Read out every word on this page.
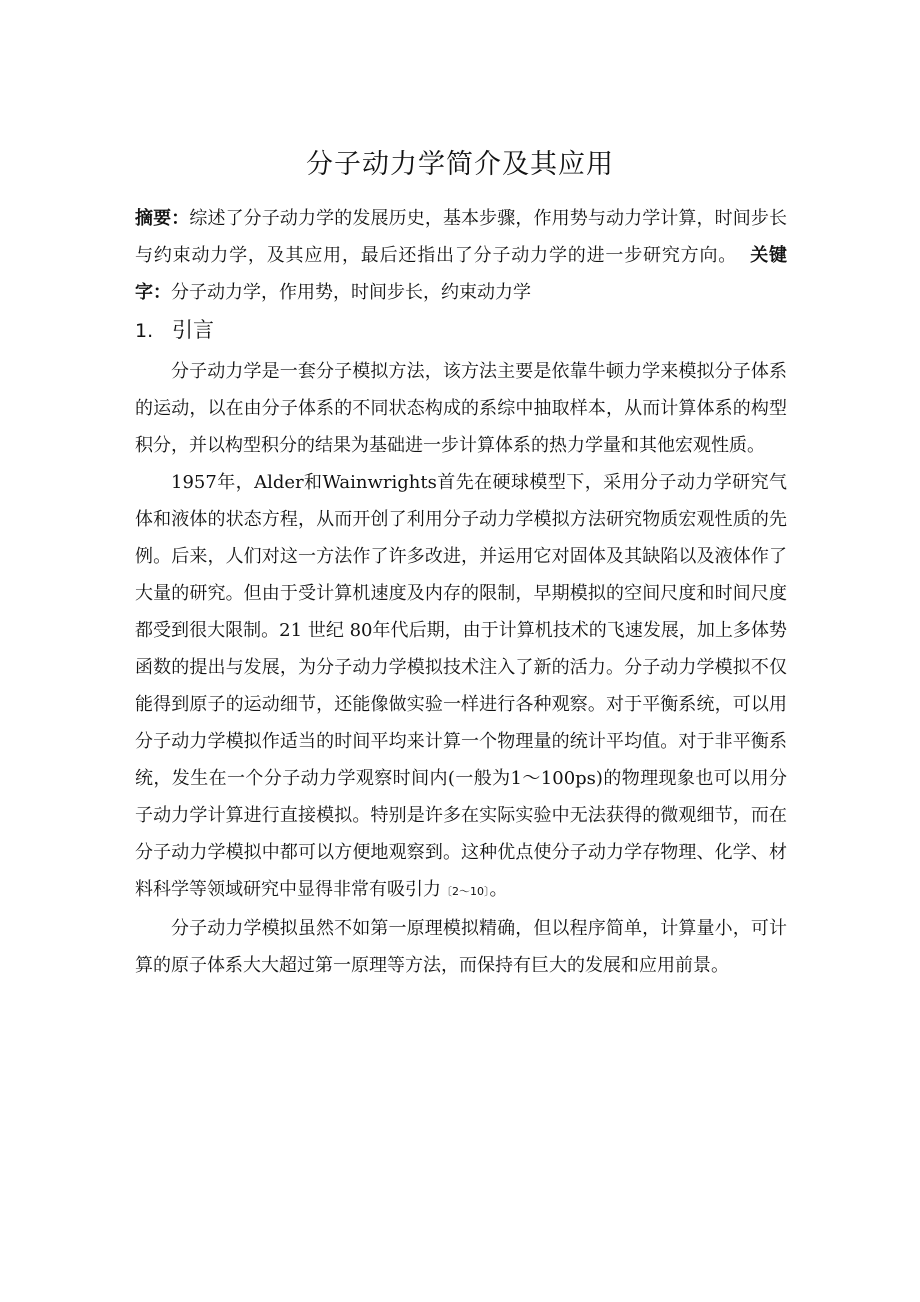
分子动力学简介及其应用

摘要：综述了分子动力学的发展历史，基本步骤，作用势与动力学计算，时间步长与约束动力学，及其应用，最后还指出了分子动力学的进一步研究方向。 关键字：分子动力学，作用势，时间步长，约束动力学

1. 引言

分子动力学是一套分子模拟方法，该方法主要是依靠牛顿力学来模拟分子体系的运动，以在由分子体系的不同状态构成的系综中抽取样本，从而计算体系的构型积分，并以构型积分的结果为基础进一步计算体系的热力学量和其他宏观性质。

1957年，Alder和Wainwrights首先在硬球模型下，采用分子动力学研究气 体和液体的状态方程，从而开创了利用分子动力学模拟方法研究物质宏观性质的先例。后来，人们对这一方法作了许多改进，并运用它对固体及其缺陷以及液体作了大量的研究。但由于受计算机速度及内存的限制，早期模拟的空间尺度和时间尺度都受到很大限制。21 世纪 80年代后期，由于计算机技术的飞速发展，加上多体势函数的提出与发展，为分子动力学模拟技术注入了新的活力。分子动力学模拟不仅能得到原子的运动细节，还能像做实验一样进行各种观察。对于平衡系统，可以用分子动力学模拟作适当的时间平均来计算一个物理量的统计平均值。对于非平衡系统，发生在一个分子动力学观察时间内(一般为1〜100ps)的物理现象也可以用分子动力学计算进行直接模拟。特别是许多在实际实验中无法获得的微观细节，而在分子动力学模拟中都可以方便地观察到。这种优点使分子动力学存物理、化学、材料科学等领域研究中显得非常有吸引力〔2〜10〕。

分子动力学模拟虽然不如第一原理模拟精确，但以程序简单，计算量小，可计算的原子体系大大超过第一原理等方法，而保持有巨大的发展和应用前景。
